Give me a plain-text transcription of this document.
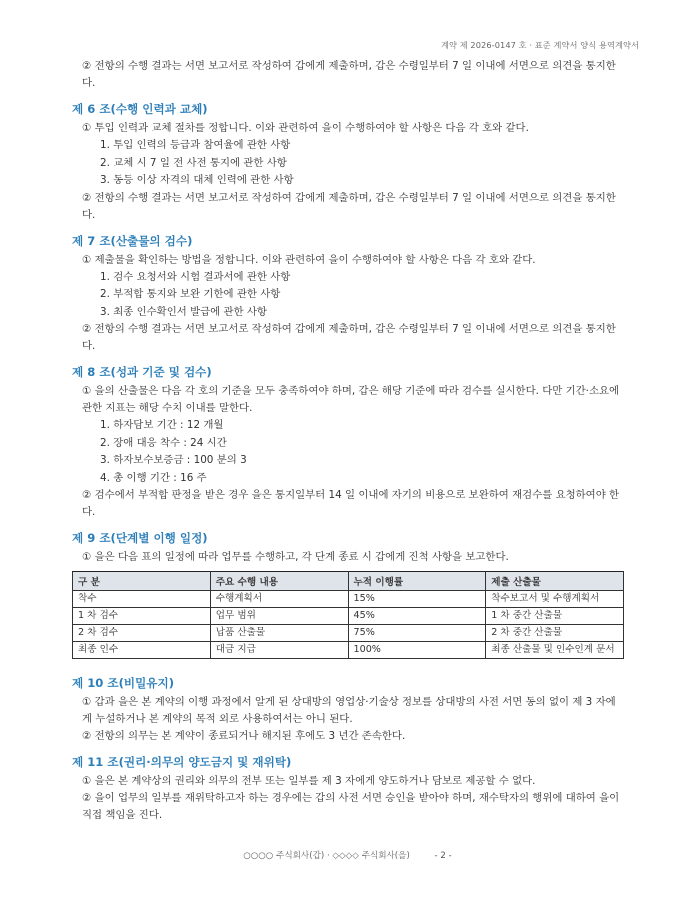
계약 제 2026-0147 호 · 표준 계약서 양식 용역계약서

② 전항의 수행 결과는 서면 보고서로 작성하여 갑에게 제출하며, 갑은 수령일부터 7 일 이내에 서면으로 의견을 통지한다.

제 6 조(수행 인력과 교체)

① 투입 인력과 교체 절차를 정합니다. 이와 관련하여 을이 수행하여야 할 사항은 다음 각 호와 같다.

1. 투입 인력의 등급과 참여율에 관한 사항
2. 교체 시 7 일 전 사전 통지에 관한 사항
3. 동등 이상 자격의 대체 인력에 관한 사항

② 전항의 수행 결과는 서면 보고서로 작성하여 갑에게 제출하며, 갑은 수령일부터 7 일 이내에 서면으로 의견을 통지한다.

제 7 조(산출물의 검수)

① 제출물을 확인하는 방법을 정합니다. 이와 관련하여 을이 수행하여야 할 사항은 다음 각 호와 같다.

1. 검수 요청서와 시험 결과서에 관한 사항
2. 부적합 통지와 보완 기한에 관한 사항
3. 최종 인수확인서 발급에 관한 사항

② 전항의 수행 결과는 서면 보고서로 작성하여 갑에게 제출하며, 갑은 수령일부터 7 일 이내에 서면으로 의견을 통지한다.

제 8 조(성과 기준 및 검수)

① 을의 산출물은 다음 각 호의 기준을 모두 충족하여야 하며, 갑은 해당 기준에 따라 검수를 실시한다. 다만 기간·소요에 관한 지표는 해당 수치 이내를 말한다.

1. 하자담보 기간 : 12 개월
2. 장애 대응 착수 : 24 시간
3. 하자보수보증금 : 100 분의 3
4. 총 이행 기간 : 16 주

② 검수에서 부적합 판정을 받은 경우 을은 통지일부터 14 일 이내에 자기의 비용으로 보완하여 재검수를 요청하여야 한다.

제 9 조(단계별 이행 일정)

① 을은 다음 표의 일정에 따라 업무를 수행하고, 각 단계 종료 시 갑에게 진척 사항을 보고한다.

구 분	주요 수행 내용	누적 이행률	제출 산출물
착수	수행계획서	15%	착수보고서 및 수행계획서
1 차 검수	업무 범위	45%	1 차 중간 산출물
2 차 검수	납품 산출물	75%	2 차 중간 산출물
최종 인수	대금 지급	100%	최종 산출물 및 인수인계 문서
제 10 조(비밀유지)

① 갑과 을은 본 계약의 이행 과정에서 알게 된 상대방의 영업상·기술상 정보를 상대방의 사전 서면 동의 없이 제 3 자에게 누설하거나 본 계약의 목적 외로 사용하여서는 아니 된다.

② 전항의 의무는 본 계약이 종료되거나 해지된 후에도 3 년간 존속한다.

제 11 조(권리·의무의 양도금지 및 재위탁)

① 을은 본 계약상의 권리와 의무의 전부 또는 일부를 제 3 자에게 양도하거나 담보로 제공할 수 없다.

② 을이 업무의 일부를 재위탁하고자 하는 경우에는 갑의 사전 서면 승인을 받아야 하며, 재수탁자의 행위에 대하여 을이 직접 책임을 진다.

○○○○ 주식회사(갑) · ◇◇◇◇ 주식회사(을)	- 2 -
